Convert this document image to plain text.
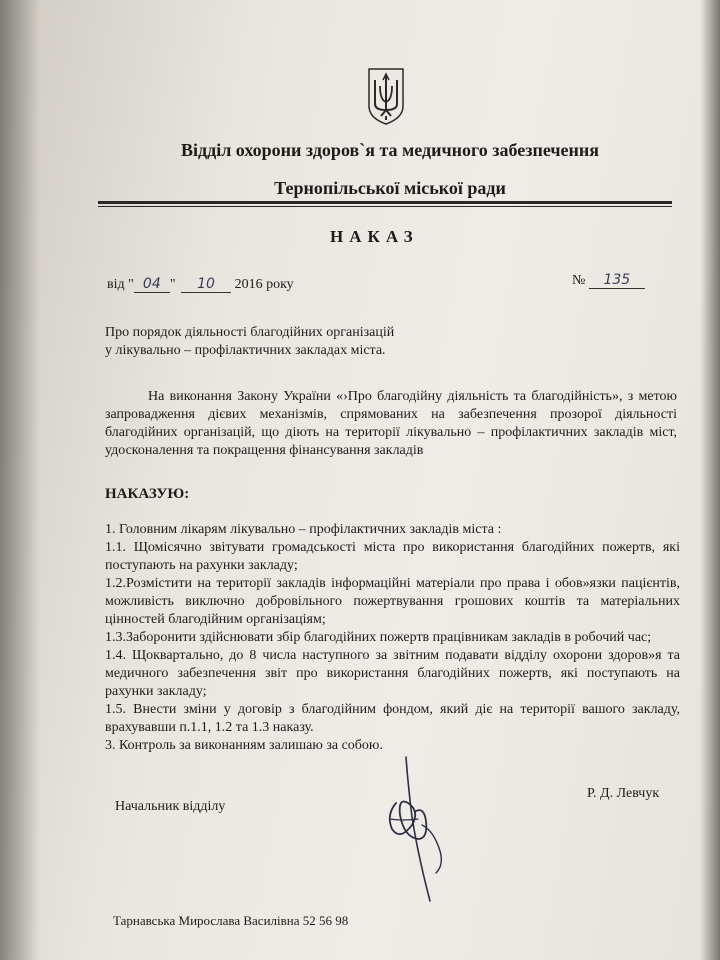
Відділ охорони здоров`я та медичного забезпечення
Тернопільської міської ради
НАКАЗ
від " 04 " 10 2016 року	№ 135
Про порядок діяльності благодійних організацій
у лікувально – профілактичних закладах міста.
На виконання Закону України «›Про благодійну діяльність та благодійність», з метою
запровадження дієвих механізмів, спрямованих на забезпечення прозорої діяльності
благодійних організацій, що діють на території лікувально – профілактичних закладів міст,
удосконалення та покращення фінансування закладів
НАКАЗУЮ:
1. Головним лікарям лікувально – профілактичних закладів міста :
1.1. Щомісячно звітувати громадськості міста про використання благодійних пожертв, які
поступають на рахунки закладу;
1.2.Розмістити на території закладів інформаційні матеріали про права і обов»язки пацієнтів,
можливість виключно добровільного пожертвування грошових коштів та матеріальних
цінностей благодійним організаціям;
1.3.Заборонити здійснювати збір благодійних пожертв працівникам закладів в робочий час;
1.4. Щоквартально, до 8 числа наступного за звітним подавати відділу охорони здоров»я та
медичного забезпечення звіт про використання благодійних пожертв, які поступають на
рахунки закладу;
1.5. Внести зміни у договір з благодійним фондом, який діє на території вашого закладу,
врахувавши п.1.1, 1.2 та 1.3 наказу.
3. Контроль за виконанням залишаю за собою.
Начальник відділу
Р. Д. Левчук
Тарнавська Мирослава Василівна 52 56 98
